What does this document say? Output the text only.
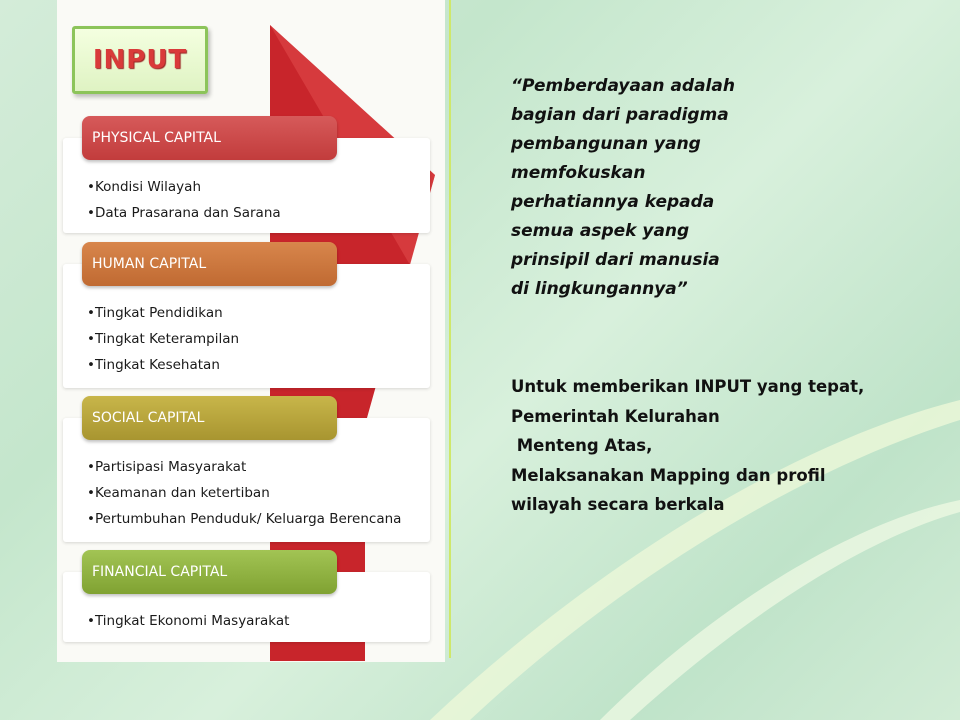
INPUT
•Kondisi Wilayah
•Data Prasarana dan Sarana
PHYSICAL CAPITAL
•Tingkat Pendidikan
•Tingkat Keterampilan
•Tingkat Kesehatan
HUMAN CAPITAL
•Partisipasi Masyarakat
•Keamanan dan ketertiban
•Pertumbuhan Penduduk/ Keluarga Berencana
SOCIAL CAPITAL
•Tingkat Ekonomi Masyarakat
FINANCIAL CAPITAL
“Pemberdayaan adalah
bagian dari paradigma
pembangunan yang
memfokuskan
perhatiannya kepada
semua aspek yang
prinsipil dari manusia
di lingkungannya”
Untuk memberikan INPUT yang tepat,
Pemerintah Kelurahan
Menteng Atas,
Melaksanakan Mapping dan profil
wilayah secara berkala
